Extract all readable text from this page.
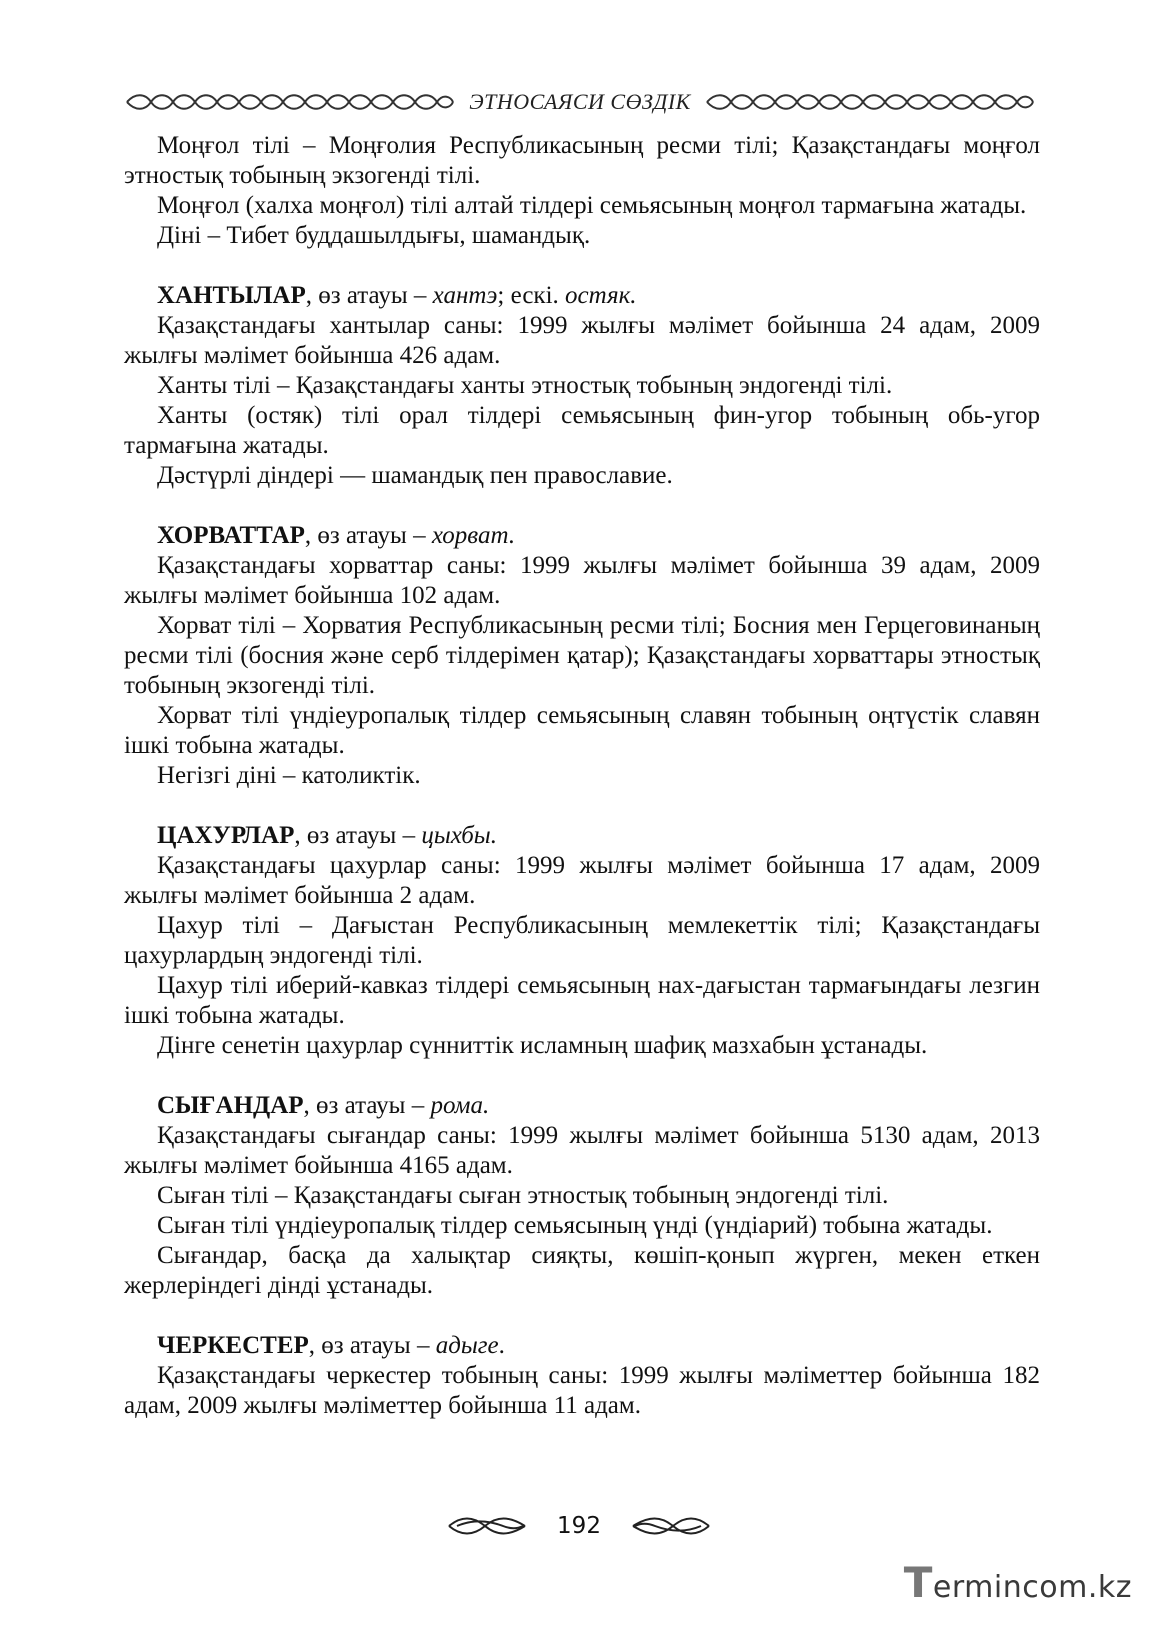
ЭТНОСАЯСИ СӨЗДІК

Моңғол тілі – Моңғолия Республикасының ресми тілі; Қазақстандағы моңғол этностық тобының экзогенді тілі.

Моңғол (халха моңғол) тілі алтай тілдері семьясының моңғол тармағына жатады.

Діні – Тибет буддашылдығы, шамандық.

ХАНТЫЛАР, өз атауы – хантэ; ескі. остяк.

Қазақстандағы хантылар саны: 1999 жылғы мәлімет бойынша 24 адам, 2009 жылғы мәлімет бойынша 426 адам.

Ханты тілі – Қазақстандағы ханты этностық тобының эндогенді тілі.

Ханты (остяк) тілі орал тілдері семьясының фин-угор тобының обь-угор тармағына жатады.

Дәстүрлі діндері — шамандық пен православие.

ХОРВАТТАР, өз атауы – хорват.

Қазақстандағы хорваттар саны: 1999 жылғы мәлімет бойынша 39 адам, 2009 жылғы мәлімет бойынша 102 адам.

Хорват тілі – Хорватия Республикасының ресми тілі; Босния мен Герцеговинаның ресми тілі (босния және серб тілдерімен қатар); Қазақстандағы хорваттары этностық тобының экзогенді тілі.

Хорват тілі үндіеуропалық тілдер семьясының славян тобының оңтүстік славян ішкі тобына жатады.

Негізгі діні – католиктік.

ЦАХУРЛАР, өз атауы – цыхбы.

Қазақстандағы цахурлар саны: 1999 жылғы мәлімет бойынша 17 адам, 2009 жылғы мәлімет бойынша 2 адам.

Цахур тілі – Дағыстан Республикасының мемлекеттік тілі; Қазақстандағы цахурлардың эндогенді тілі.

Цахур тілі иберий-кавказ тілдері семьясының нах-дағыстан тармағындағы лезгин ішкі тобына жатады.

Дінге сенетін цахурлар сүнниттік исламның шафиқ мазхабын ұстанады.

СЫҒАНДАР, өз атауы – рома.

Қазақстандағы сығандар саны: 1999 жылғы мәлімет бойынша 5130 адам, 2013 жылғы мәлімет бойынша 4165 адам.

Сыған тілі – Қазақстандағы сыған этностық тобының эндогенді тілі.

Сыған тілі үндіеуропалық тілдер семьясының үнді (үндіарий) тобына жатады.

Сығандар, басқа да халықтар сияқты, көшіп-қонып жүрген, мекен еткен жерлеріндегі дінді ұстанады.

ЧЕРКЕСТЕР, өз атауы – адыге.

Қазақстандағы черкестер тобының саны: 1999 жылғы мәліметтер бойынша 182 адам, 2009 жылғы мәліметтер бойынша 11 адам.

192
Termincom.kz
